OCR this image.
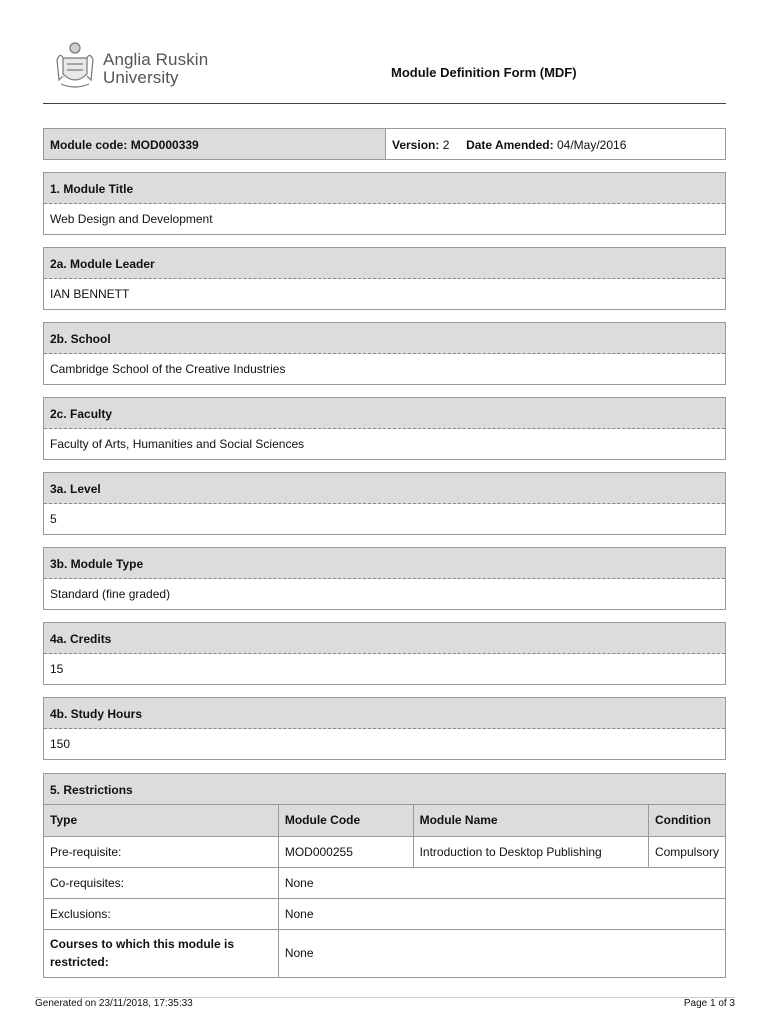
Anglia Ruskin
University	Module Definition Form (MDF)
Module code: MOD000339	Version: 2 Date Amended: 04/May/2016
1. Module Title
Web Design and Development
2a. Module Leader
IAN BENNETT
2b. School
Cambridge School of the Creative Industries
2c. Faculty
Faculty of Arts, Humanities and Social Sciences
3a. Level
5
3b. Module Type
Standard (fine graded)
4a. Credits
15
4b. Study Hours
150
5. Restrictions
Type	Module Code	Module Name	Condition
Pre-requisite:	MOD000255	Introduction to Desktop Publishing	Compulsory
Co-requisites:	None		
Exclusions:	None		
Courses to which this module is
restricted:	None		
Generated on 23/11/2018, 17:35:33	Page 1 of 3
